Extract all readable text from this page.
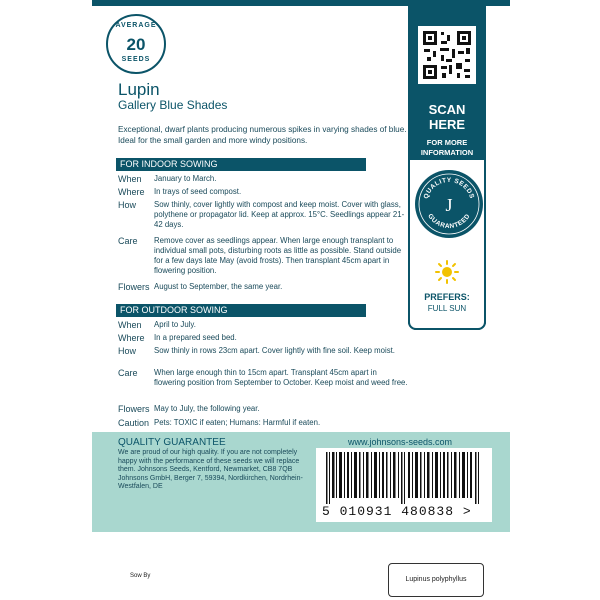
AVERAGE
20
SEEDS
Lupin
Gallery Blue Shades
Exceptional, dwarf plants producing numerous spikes in varying shades of blue. Ideal for the small garden and more windy positions.
FOR INDOOR SOWING
When	January to March.
Where	In trays of seed compost.
How	Sow thinly, cover lightly with compost and keep moist. Cover with glass, polythene or propagator lid. Keep at approx. 15°C. Seedlings appear 21-42 days.
Care	Remove cover as seedlings appear. When large enough transplant to individual small pots, disturbing roots as little as possible. Stand outside for a few days late May (avoid frosts). Then transplant 45cm apart in flowering position.
Flowers August to September, the same year.
FOR OUTDOOR SOWING
When	April to July.
Where	In a prepared seed bed.
How	Sow thinly in rows 23cm apart. Cover lightly with fine soil. Keep moist.
Care	When large enough thin to 15cm apart. Transplant 45cm apart in flowering position from September to October. Keep moist and weed free.
Flowers May to July, the following year.
Caution Pets: TOXIC if eaten; Humans: Harmful if eaten.
SCAN
HERE
FOR MORE
INFORMATION
QUALITY SEEDS
GUARANTEED
J
PREFERS:
FULL SUN
QUALITY GUARANTEE
We are proud of our high quality. If you are not completely happy with the performance of these seeds we will replace them. Johnsons Seeds, Kentford, Newmarket, CB8 7QB Johnsons GmbH, Berger 7, 59394, Nordkirchen, Nordrhein-Westfalen, DE
www.johnsons-seeds.com
5 010931 480838 >
Sow By	Lupinus polyphyllus
